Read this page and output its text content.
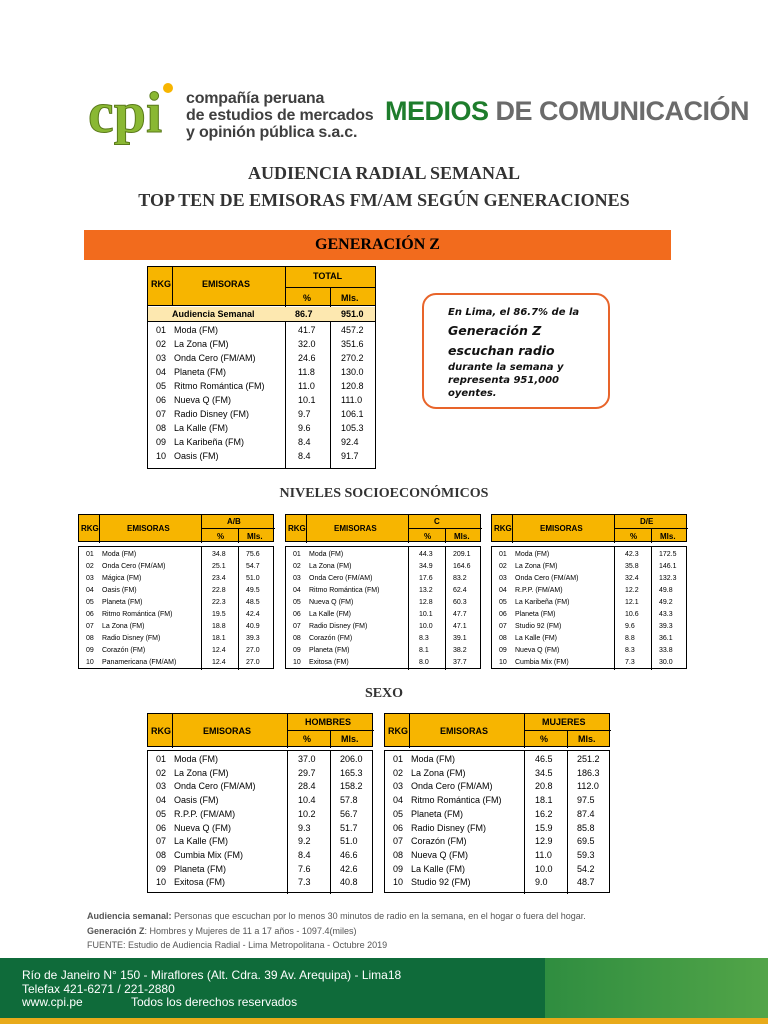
cpi compañía peruana
de estudios de mercados
y opinión pública s.a.c.
MEDIOS DE COMUNICACIÓN
AUDIENCIA RADIAL SEMANAL
TOP TEN DE EMISORAS FM/AM SEGÚN GENERACIONES
GENERACIÓN Z
RKG	EMISORAS
TOTAL
%	Mls.
Audiencia Semanal	86.7	951.0
01 Moda (FM)	41.7	457.2
02 La Zona (FM)	32.0	351.6
03 Onda Cero (FM/AM)	24.6	270.2
04 Planeta (FM)	11.8	130.0
05 Ritmo Romántica (FM)	11.0	120.8
06 Nueva Q (FM)	10.1	111.0
07 Radio Disney (FM)	9.7	106.1
08 La Kalle (FM)	9.6	105.3
09 La Karibeña (FM)	8.4	92.4
10 Oasis (FM)	8.4	91.7
En Lima, el 86.7% de la
Generación Z
escuchan radio
durante la semana y
representa 951,000
oyentes.
NIVELES SOCIOECONÓMICOS
RKG	EMISORAS
A/B
%	Mls.
01 Moda (FM)	34.8	75.6
02 Onda Cero (FM/AM)	25.1	54.7
03 Mágica (FM)	23.4	51.0
04 Oasis (FM)	22.8	49.5
05 Planeta (FM)	22.3	48.5
06 Ritmo Romántica (FM)	19.5	42.4
07 La Zona (FM)	18.8	40.9
08 Radio Disney (FM)	18.1	39.3
09 Corazón (FM)	12.4	27.0
10 Panamericana (FM/AM)	12.4	27.0
RKG	EMISORAS
C
%	Mls.
01 Moda (FM)	44.3	209.1
02 La Zona (FM)	34.9	164.6
03 Onda Cero (FM/AM)	17.6	83.2
04 Ritmo Romántica (FM)	13.2	62.4
05 Nueva Q (FM)	12.8	60.3
06 La Kalle (FM)	10.1	47.7
07 Radio Disney (FM)	10.0	47.1
08 Corazón (FM)	8.3	39.1
09 Planeta (FM)	8.1	38.2
10 Exitosa (FM)	8.0	37.7
RKG	EMISORAS
D/E
%	Mls.
01 Moda (FM)	42.3	172.5
02 La Zona (FM)	35.8	146.1
03 Onda Cero (FM/AM)	32.4	132.3
04 R.P.P. (FM/AM)	12.2	49.8
05 La Karibeña (FM)	12.1	49.2
06 Planeta (FM)	10.6	43.3
07 Studio 92 (FM)	9.6	39.3
08 La Kalle (FM)	8.8	36.1
09 Nueva Q (FM)	8.3	33.8
10 Cumbia Mix (FM)	7.3	30.0
SEXO
RKG	EMISORAS
HOMBRES
%	Mls.
01 Moda (FM)	37.0	206.0
02 La Zona (FM)	29.7	165.3
03 Onda Cero (FM/AM)	28.4	158.2
04 Oasis (FM)	10.4	57.8
05 R.P.P. (FM/AM)	10.2	56.7
06 Nueva Q (FM)	9.3	51.7
07 La Kalle (FM)	9.2	51.0
08 Cumbia Mix (FM)	8.4	46.6
09 Planeta (FM)	7.6	42.6
10 Exitosa (FM)	7.3	40.8
RKG	EMISORAS
MUJERES
%	Mls.
01 Moda (FM)	46.5	251.2
02 La Zona (FM)	34.5	186.3
03 Onda Cero (FM/AM)	20.8	112.0
04 Ritmo Romántica (FM)	18.1	97.5
05 Planeta (FM)	16.2	87.4
06 Radio Disney (FM)	15.9	85.8
07 Corazón (FM)	12.9	69.5
08 Nueva Q (FM)	11.0	59.3
09 La Kalle (FM)	10.0	54.2
10 Studio 92 (FM)	9.0	48.7
Audiencia semanal: Personas que escuchan por lo menos 30 minutos de radio en la semana, en el hogar o fuera del hogar.
Generación Z: Hombres y Mujeres de 11 a 17 años - 1097.4(miles)
FUENTE: Estudio de Audiencia Radial - Lima Metropolitana - Octubre 2019
Río de Janeiro N° 150 - Miraflores (Alt. Cdra. 39 Av. Arequipa) - Lima18
Telefax 421-6271 / 221-2880
www.cpi.pe	Todos los derechos reservados
